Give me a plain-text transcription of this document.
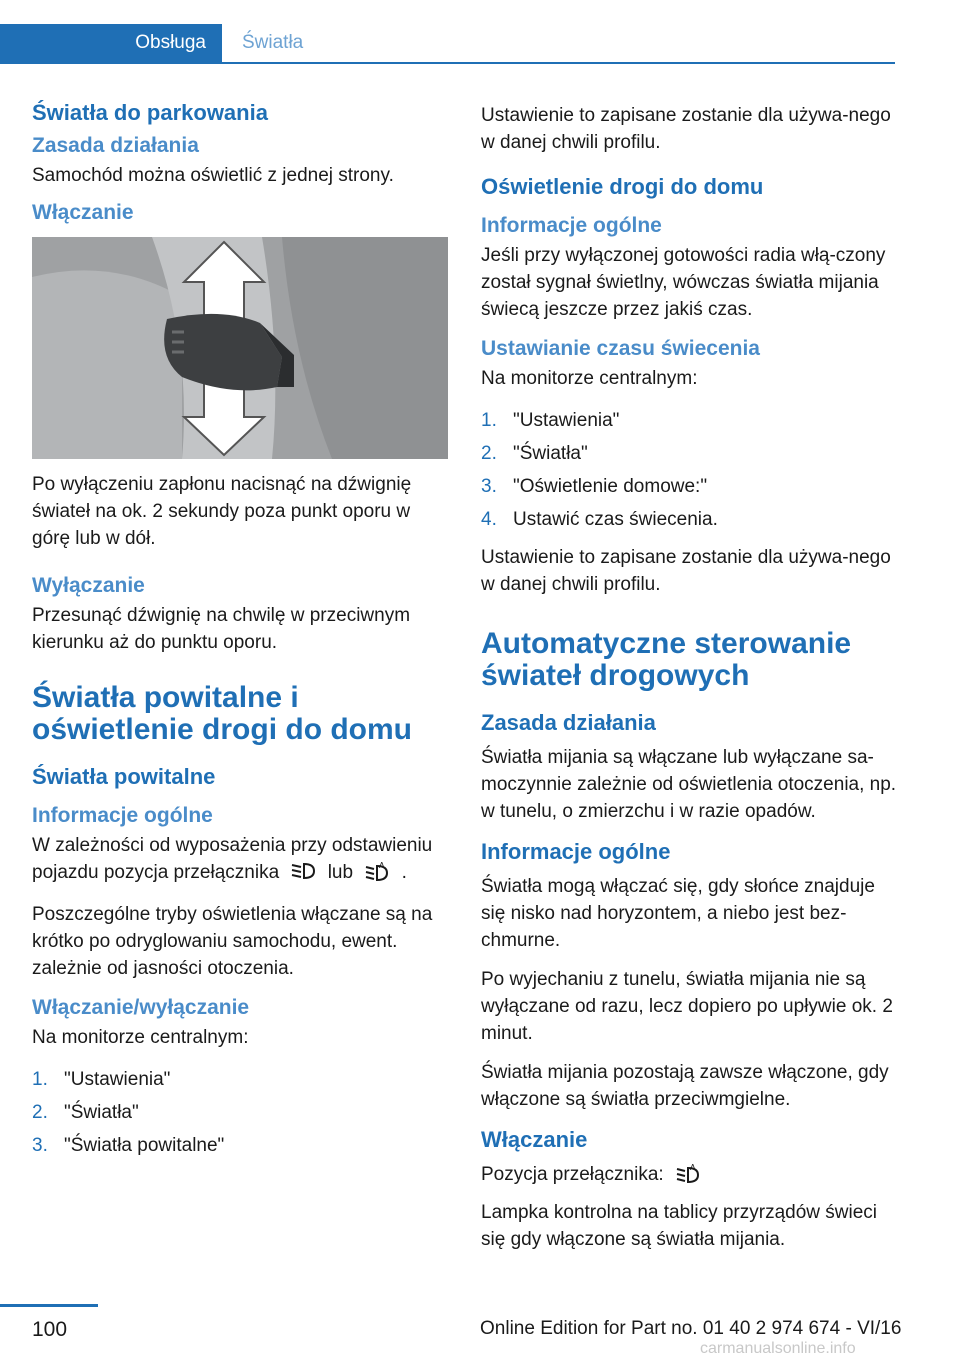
Obsługa	Światła
Światła do parkowania
Zasada działania
Samochód można oświetlić z jednej strony.
Włączanie
Po wyłączeniu zapłonu nacisnąć na dźwignię świateł na ok. 2 sekundy poza punkt oporu w górę lub w dół.
Wyłączanie
Przesunąć dźwignię na chwilę w przeciwnym kierunku aż do punktu oporu.
Światła powitalne i oświetlenie drogi do domu
Światła powitalne
Informacje ogólne
W zależności od wyposażenia przy odstawieniu pojazdu pozycja przełącznika	lub	A .
Poszczególne tryby oświetlenia włączane są na krótko po odryglowaniu samochodu, ewent. zależnie od jasności otoczenia.
Włączanie/wyłączanie
Na monitorze centralnym:
1. "Ustawienia"
2. "Światła"
3. "Światła powitalne"
Ustawienie to zapisane zostanie dla używa‐nego w danej chwili profilu.
Oświetlenie drogi do domu
Informacje ogólne
Jeśli przy wyłączonej gotowości radia włą‐czony został sygnał świetlny, wówczas światła mijania świecą jeszcze przez jakiś czas.
Ustawianie czasu świecenia
Na monitorze centralnym:
1. "Ustawienia"
2. "Światła"
3. "Oświetlenie domowe:"
4. Ustawić czas świecenia.
Ustawienie to zapisane zostanie dla używa‐nego w danej chwili profilu.
Automatyczne sterowanie świateł drogowych
Zasada działania
Światła mijania są włączane lub wyłączane sa‐moczynnie zależnie od oświetlenia otoczenia, np. w tunelu, o zmierzchu i w razie opadów.
Informacje ogólne
Światła mogą włączać się, gdy słońce znajduje się nisko nad horyzontem, a niebo jest bez‐chmurne.
Po wyjechaniu z tunelu, światła mijania nie są wyłączane od razu, lecz dopiero po upływie ok. 2 minut.
Światła mijania pozostają zawsze włączone, gdy włączone są światła przeciwmgielne.
Włączanie
Pozycja przełącznika:	A
Lampka kontrolna na tablicy przyrządów świeci się gdy włączone są światła mijania.
100	Online Edition for Part no. 01 40 2 974 674 - VI/16
carmanualsonline.info
